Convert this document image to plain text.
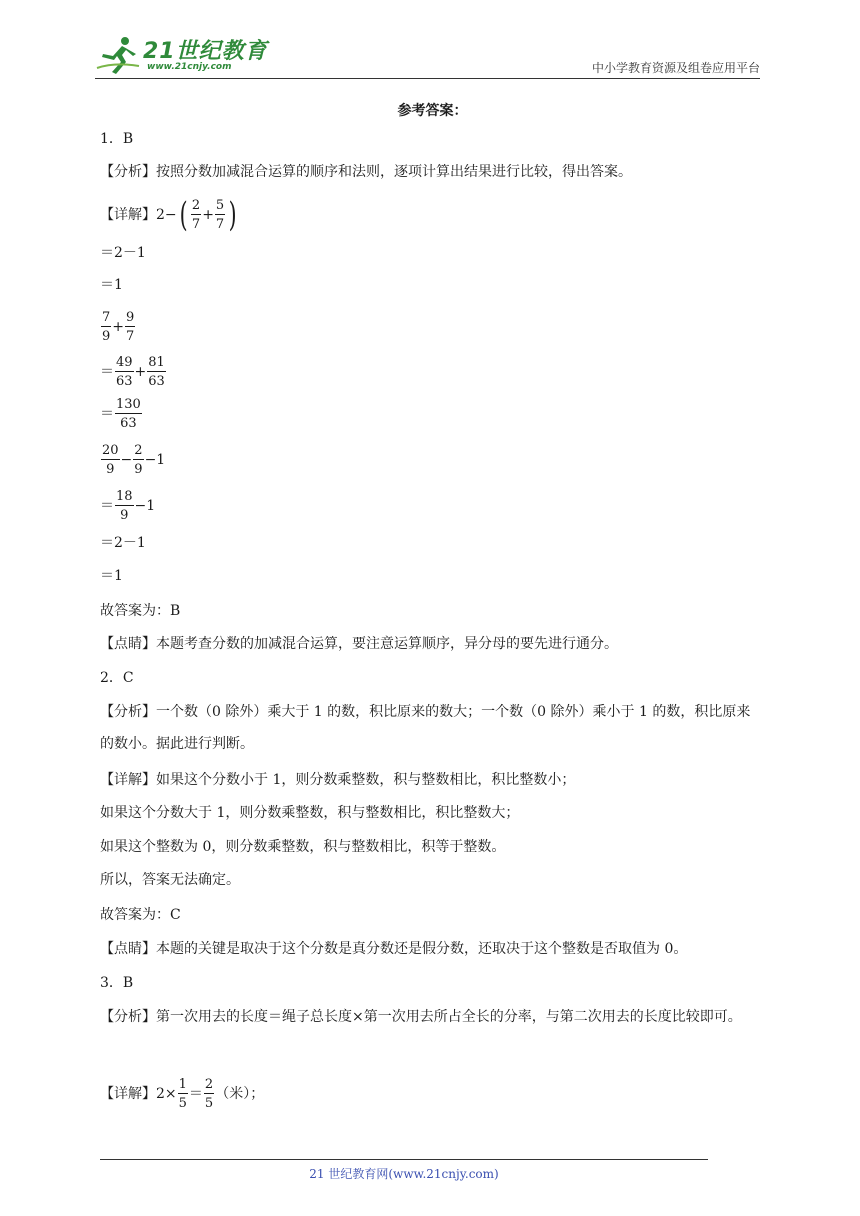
21世纪教育
www.21cnjy.com	中小学教育资源及组卷应用平台
参考答案：
1．B
【分析】按照分数加减混合运算的顺序和法则，逐项计算出结果进行比较，得出答案。
【详解】$2-( \frac{2}{7} + \frac{5}{7}$ )
＝2－1
＝1
$\frac{7}{9} + \frac{9}{7}$
＝ $\frac{49}{63} + \frac{81}{63}$
＝ $\frac{130}{63}$
$\frac{20}{9} - \frac{2}{9} -1$
＝ $\frac{18}{9} -1$
＝2－1
＝1
故答案为：B
【点睛】本题考查分数的加减混合运算，要注意运算顺序，异分母的要先进行通分。
2．C
【分析】一个数（0 除外）乘大于 1 的数，积比原来的数大；一个数（0 除外）乘小于 1 的数，积比原来的数小。据此进行判断。
【详解】如果这个分数小于 1，则分数乘整数，积与整数相比，积比整数小；
如果这个分数大于 1，则分数乘整数，积与整数相比，积比整数大；
如果这个整数为 0，则分数乘整数，积与整数相比，积等于整数。
所以，答案无法确定。
故答案为：C
【点睛】本题的关键是取决于这个分数是真分数还是假分数，还取决于这个整数是否取值为 0。
3．B
【分析】第一次用去的长度＝绳子总长度×第一次用去所占全长的分率，与第二次用去的长度比较即可。
【详解】$2\times \frac{1}{5} = \frac{2}{5}$ （米）；
21 世纪教育网(www.21cnjy.com)
